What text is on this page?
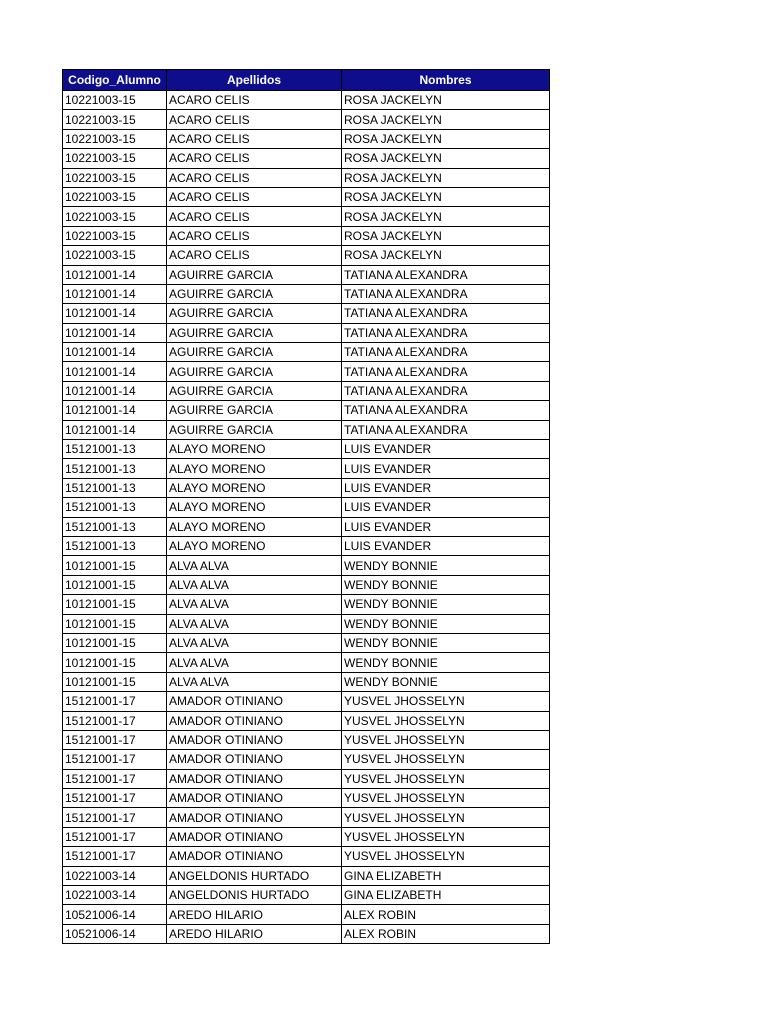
Codigo_Alumno	Apellidos	Nombres
10221003-15	ACARO CELIS	ROSA JACKELYN
10221003-15	ACARO CELIS	ROSA JACKELYN
10221003-15	ACARO CELIS	ROSA JACKELYN
10221003-15	ACARO CELIS	ROSA JACKELYN
10221003-15	ACARO CELIS	ROSA JACKELYN
10221003-15	ACARO CELIS	ROSA JACKELYN
10221003-15	ACARO CELIS	ROSA JACKELYN
10221003-15	ACARO CELIS	ROSA JACKELYN
10221003-15	ACARO CELIS	ROSA JACKELYN
10121001-14	AGUIRRE GARCIA	TATIANA ALEXANDRA
10121001-14	AGUIRRE GARCIA	TATIANA ALEXANDRA
10121001-14	AGUIRRE GARCIA	TATIANA ALEXANDRA
10121001-14	AGUIRRE GARCIA	TATIANA ALEXANDRA
10121001-14	AGUIRRE GARCIA	TATIANA ALEXANDRA
10121001-14	AGUIRRE GARCIA	TATIANA ALEXANDRA
10121001-14	AGUIRRE GARCIA	TATIANA ALEXANDRA
10121001-14	AGUIRRE GARCIA	TATIANA ALEXANDRA
10121001-14	AGUIRRE GARCIA	TATIANA ALEXANDRA
15121001-13	ALAYO MORENO	LUIS EVANDER
15121001-13	ALAYO MORENO	LUIS EVANDER
15121001-13	ALAYO MORENO	LUIS EVANDER
15121001-13	ALAYO MORENO	LUIS EVANDER
15121001-13	ALAYO MORENO	LUIS EVANDER
15121001-13	ALAYO MORENO	LUIS EVANDER
10121001-15	ALVA ALVA	WENDY BONNIE
10121001-15	ALVA ALVA	WENDY BONNIE
10121001-15	ALVA ALVA	WENDY BONNIE
10121001-15	ALVA ALVA	WENDY BONNIE
10121001-15	ALVA ALVA	WENDY BONNIE
10121001-15	ALVA ALVA	WENDY BONNIE
10121001-15	ALVA ALVA	WENDY BONNIE
15121001-17	AMADOR OTINIANO	YUSVEL JHOSSELYN
15121001-17	AMADOR OTINIANO	YUSVEL JHOSSELYN
15121001-17	AMADOR OTINIANO	YUSVEL JHOSSELYN
15121001-17	AMADOR OTINIANO	YUSVEL JHOSSELYN
15121001-17	AMADOR OTINIANO	YUSVEL JHOSSELYN
15121001-17	AMADOR OTINIANO	YUSVEL JHOSSELYN
15121001-17	AMADOR OTINIANO	YUSVEL JHOSSELYN
15121001-17	AMADOR OTINIANO	YUSVEL JHOSSELYN
15121001-17	AMADOR OTINIANO	YUSVEL JHOSSELYN
10221003-14	ANGELDONIS HURTADO	GINA ELIZABETH
10221003-14	ANGELDONIS HURTADO	GINA ELIZABETH
10521006-14	AREDO HILARIO	ALEX ROBIN
10521006-14	AREDO HILARIO	ALEX ROBIN
